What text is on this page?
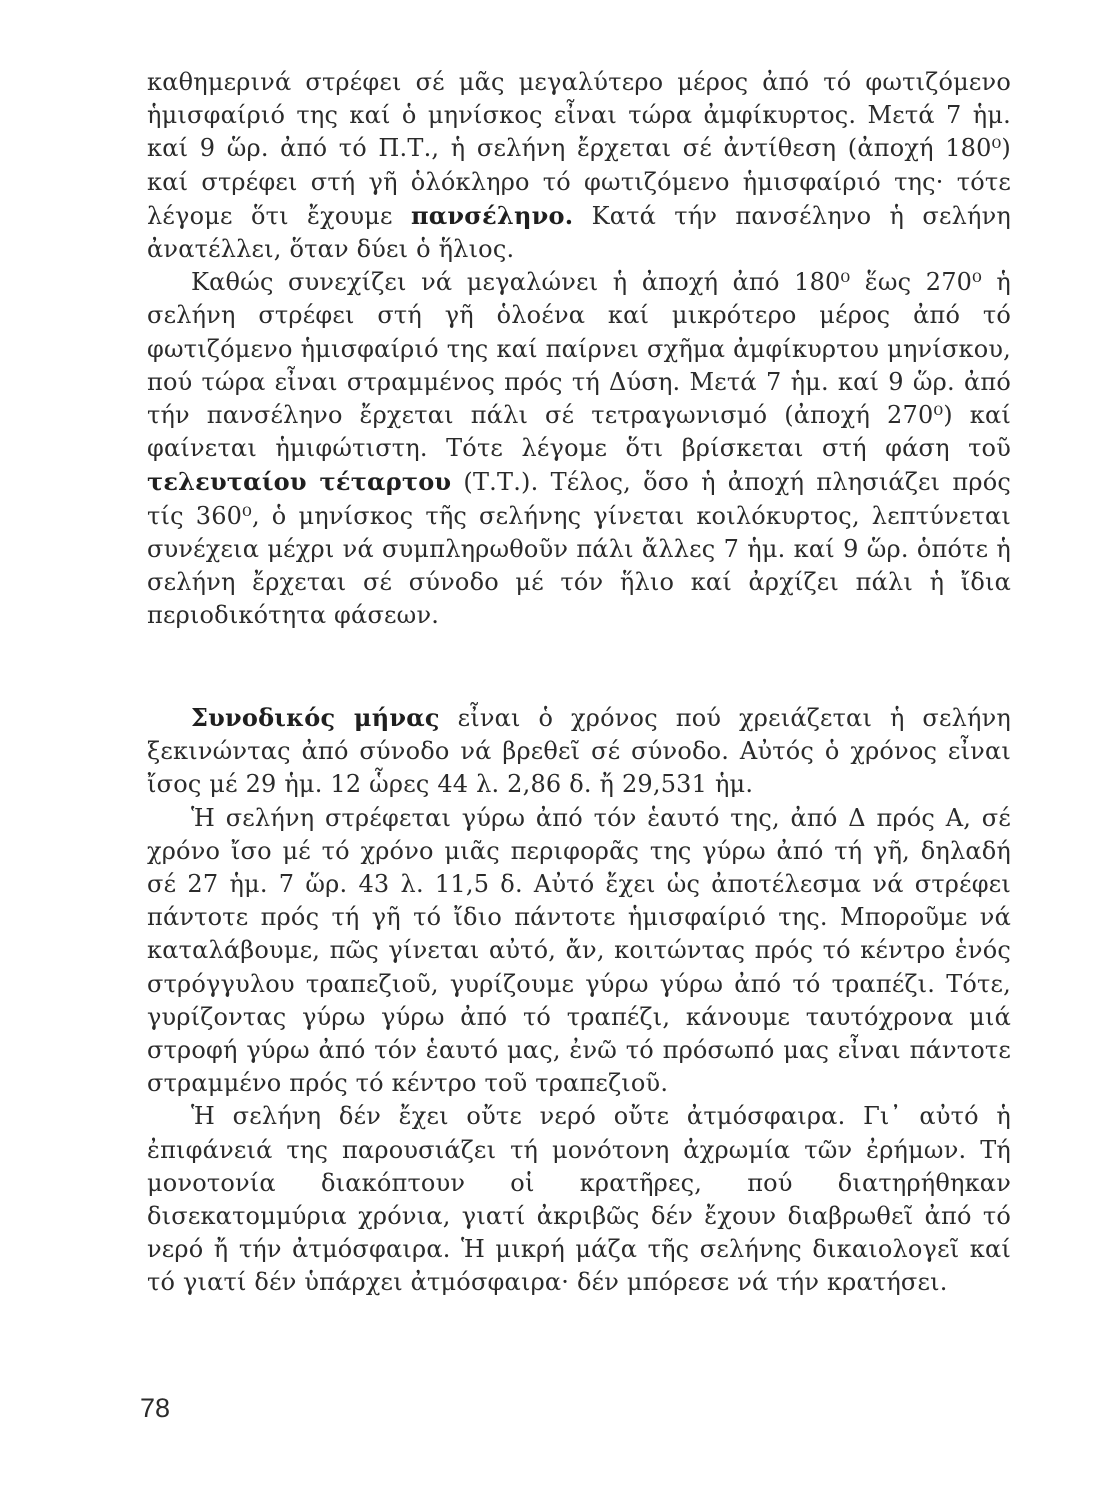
καθημερινά στρέφει σέ μᾶς μεγαλύτερο μέρος ἀπό τό φωτιζόμενο ἡμισφαίριό της καί ὁ μηνίσκος εἶναι τώρα ἀμφίκυρτος. Μετά 7 ἡμ. καί 9 ὥρ. ἀπό τό Π.Τ., ἡ σελήνη ἔρχεται σέ ἀντίθεση (ἀποχή 180⁰) καί στρέφει στή γῆ ὁλόκληρο τό φωτιζόμενο ἡμισφαίριό της· τότε λέγομε ὅτι ἔχουμε πανσέληνο. Κατά τήν πανσέληνο ἡ σελήνη ἀνατέλλει, ὅταν δύει ὁ ἥλιος.

Καθώς συνεχίζει νά μεγαλώνει ἡ ἀποχή ἀπό 180⁰ ἕως 270⁰ ἡ σελήνη στρέφει στή γῆ ὁλοένα καί μικρότερο μέρος ἀπό τό φωτιζόμενο ἡμισφαίριό της καί παίρνει σχῆμα ἀμφίκυρτου μηνίσκου, πού τώρα εἶναι στραμμένος πρός τή Δύση. Μετά 7 ἡμ. καί 9 ὥρ. ἀπό τήν πανσέληνο ἔρχεται πάλι σέ τετραγωνισμό (ἀποχή 270⁰) καί φαίνεται ἡμιφώτιστη. Τότε λέγομε ὅτι βρίσκεται στή φάση τοῦ τελευταίου τέταρτου (Τ.Τ.). Τέλος, ὅσο ἡ ἀποχή πλησιάζει πρός τίς 360⁰, ὁ μηνίσκος τῆς σελήνης γίνεται κοιλόκυρτος, λεπτύνεται συνέχεια μέχρι νά συμπληρωθοῦν πάλι ἄλλες 7 ἡμ. καί 9 ὥρ. ὁπότε ἡ σελήνη ἔρχεται σέ σύνοδο μέ τόν ἥλιο καί ἀρχίζει πάλι ἡ ἴδια περιοδικότητα φάσεων.

Συνοδικός μήνας εἶναι ὁ χρόνος πού χρειάζεται ἡ σελήνη ξεκινώντας ἀπό σύνοδο νά βρεθεῖ σέ σύνοδο. Αὐτός ὁ χρόνος εἶναι ἴσος μέ 29 ἡμ. 12 ὧρες 44 λ. 2,86 δ. ἤ 29,531 ἡμ.

Ἡ σελήνη στρέφεται γύρω ἀπό τόν ἑαυτό της, ἀπό Δ πρός Α, σέ χρόνο ἴσο μέ τό χρόνο μιᾶς περιφορᾶς της γύρω ἀπό τή γῆ, δηλαδή σέ 27 ἡμ. 7 ὥρ. 43 λ. 11,5 δ. Αὐτό ἔχει ὡς ἀποτέλεσμα νά στρέφει πάντοτε πρός τή γῆ τό ἴδιο πάντοτε ἡμισφαίριό της. Μποροῦμε νά καταλάβουμε, πῶς γίνεται αὐτό, ἄν, κοιτώντας πρός τό κέντρο ἑνός στρόγγυλου τραπεζιοῦ, γυρίζουμε γύρω γύρω ἀπό τό τραπέζι. Τότε, γυρίζοντας γύρω γύρω ἀπό τό τραπέζι, κάνουμε ταυτόχρονα μιά στροφή γύρω ἀπό τόν ἑαυτό μας, ἐνῶ τό πρόσωπό μας εἶναι πάντοτε στραμμένο πρός τό κέντρο τοῦ τραπεζιοῦ.

Ἡ σελήνη δέν ἔχει οὔτε νερό οὔτε ἀτμόσφαιρα. Γι᾽ αὐτό ἡ ἐπιφάνειά της παρουσιάζει τή μονότονη ἀχρωμία τῶν ἐρήμων. Τή μονοτονία διακόπτουν οἱ κρατῆρες, πού διατηρήθηκαν δισεκατομμύρια χρόνια, γιατί ἀκριβῶς δέν ἔχουν διαβρωθεῖ ἀπό τό νερό ἤ τήν ἀτμόσφαιρα. Ἡ μικρή μάζα τῆς σελήνης δικαιολογεῖ καί τό γιατί δέν ὑπάρχει ἀτμόσφαιρα· δέν μπόρεσε νά τήν κρατήσει.

78
